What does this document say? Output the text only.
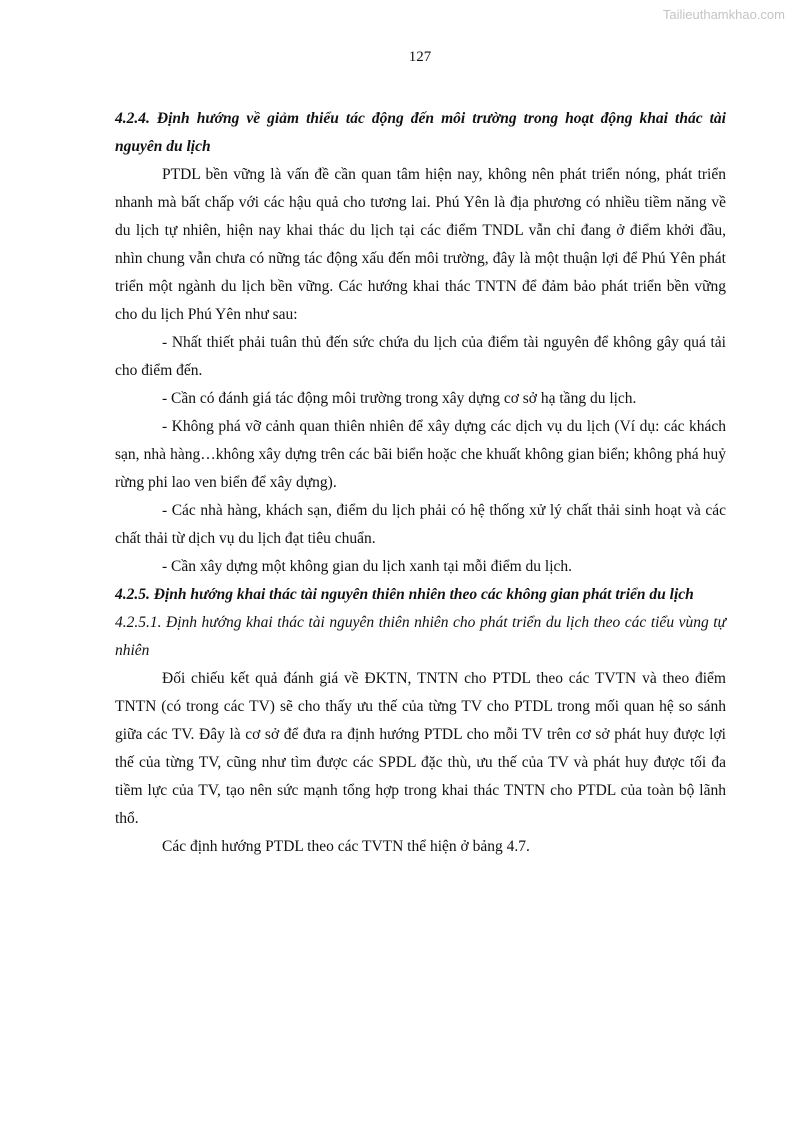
Tailieuthamkhao.com
127

4.2.4. Định hướng về giảm thiểu tác động đến môi trường trong hoạt động khai thác tài nguyên du lịch

PTDL bền vững là vấn đề cần quan tâm hiện nay, không nên phát triển nóng, phát triển nhanh mà bất chấp với các hậu quả cho tương lai. Phú Yên là địa phương có nhiều tiềm năng về du lịch tự nhiên, hiện nay khai thác du lịch tại các điểm TNDL vẫn chỉ đang ở điểm khởi đầu, nhìn chung vẫn chưa có nững tác động xấu đến môi trường, đây là một thuận lợi để Phú Yên phát triển một ngành du lịch bền vững. Các hướng khai thác TNTN để đảm bảo phát triển bền vững cho du lịch Phú Yên như sau:

- Nhất thiết phải tuân thủ đến sức chứa du lịch của điểm tài nguyên để không gây quá tải cho điểm đến.

- Cần có đánh giá tác động môi trường trong xây dựng cơ sở hạ tầng du lịch.

- Không phá vỡ cảnh quan thiên nhiên để xây dựng các dịch vụ du lịch (Ví dụ: các khách sạn, nhà hàng…không xây dựng trên các bãi biển hoặc che khuất không gian biển; không phá huỷ rừng phi lao ven biển để xây dựng).

- Các nhà hàng, khách sạn, điểm du lịch phải có hệ thống xử lý chất thải sinh hoạt và các chất thải từ dịch vụ du lịch đạt tiêu chuẩn.

- Cần xây dựng một không gian du lịch xanh tại mỗi điểm du lịch.

4.2.5. Định hướng khai thác tài nguyên thiên nhiên theo các không gian phát triển du lịch

4.2.5.1. Định hướng khai thác tài nguyên thiên nhiên cho phát triển du lịch theo các tiểu vùng tự nhiên

Đối chiếu kết quả đánh giá về ĐKTN, TNTN cho PTDL theo các TVTN và theo điểm TNTN (có trong các TV) sẽ cho thấy ưu thế của từng TV cho PTDL trong mối quan hệ so sánh giữa các TV. Đây là cơ sở để đưa ra định hướng PTDL cho mỗi TV trên cơ sở phát huy được lợi thế của từng TV, cũng như tìm được các SPDL đặc thù, ưu thế của TV và phát huy được tối đa tiềm lực của TV, tạo nên sức mạnh tổng hợp trong khai thác TNTN cho PTDL của toàn bộ lãnh thổ.

Các định hướng PTDL theo các TVTN thể hiện ở bảng 4.7.
